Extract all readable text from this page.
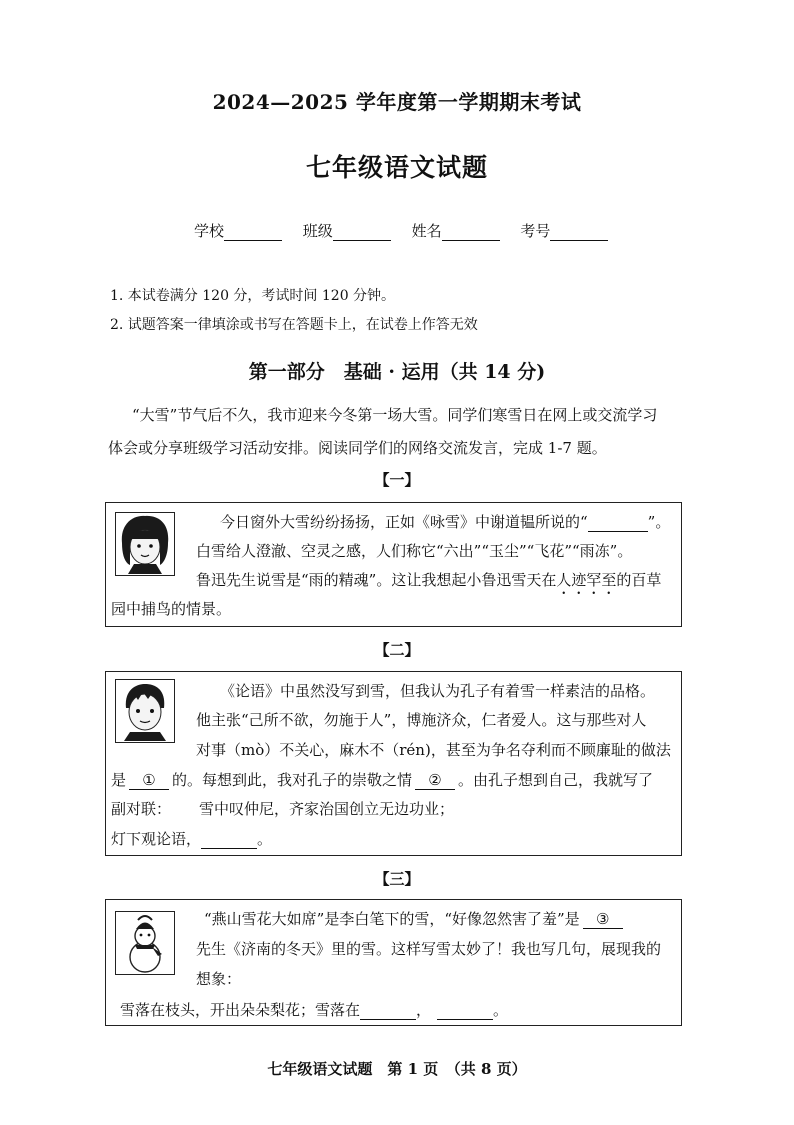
2024—2025 学年度第一学期期末考试
七年级语文试题
学校	班级	姓名	考号
1. 本试卷满分 120 分，考试时间 120 分钟。
2. 试题答案一律填涂或书写在答题卡上，在试卷上作答无效
第一部分　基础 · 运用（共 14 分)
“大雪”节气后不久，我市迎来今冬第一场大雪。同学们寒雪日在网上或交流学习
体会或分享班级学习活动安排。阅读同学们的网络交流发言，完成 1-7 题。
【一】
今日窗外大雪纷纷扬扬，正如《咏雪》中谢道韫所说的“	”。
白雪给人澄澈、空灵之感，人们称它“六出”“玉尘”“飞花”“雨冻”。
鲁迅先生说雪是“雨的精魂”。这让我想起小鲁迅雪天在人迹罕至的百草
园中捕鸟的情景。
【二】
《论语》中虽然没写到雪，但我认为孔子有着雪一样素洁的品格。
他主张“己所不欲，勿施于人”，博施济众，仁者爱人。这与那些对人
对事（mò）不关心，麻木不（rén)，甚至为争名夺利而不顾廉耻的做法
是 ① 的。每想到此，我对孔子的崇敬之情 ② 。由孔子想到自己，我就写了
副对联： 雪中叹仲尼，齐家治国创立无边功业；
灯下观论语，	。
【三】
“燕山雪花大如席”是李白笔下的雪，“好像忽然害了羞”是 ③
先生《济南的冬天》里的雪。这样写雪太妙了！我也写几句，展现我的
想象：
雪落在枝头，开出朵朵梨花；雪落在	，	。
七年级语文试题　第 1 页　（共 8 页）
